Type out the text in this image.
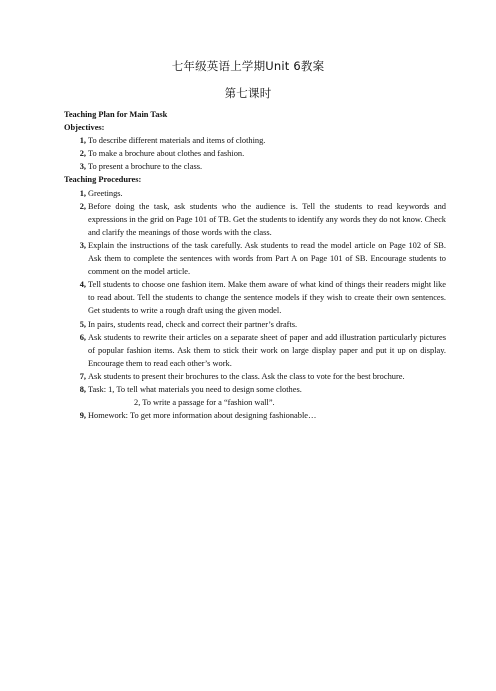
七年级英语上学期Unit 6教案
第七课时
Teaching Plan for Main Task
Objectives:
1, To describe different materials and items of clothing.
2, To make a brochure about clothes and fashion.
3, To present a brochure to the class.
Teaching Procedures:
1, Greetings.
2, Before doing the task, ask students who the audience is. Tell the students to read keywords and expressions in the grid on Page 101 of TB. Get the students to identify any words they do not know. Check and clarify the meanings of those words with the class.
3, Explain the instructions of the task carefully. Ask students to read the model article on Page 102 of SB. Ask them to complete the sentences with words from Part A on Page 101 of SB. Encourage students to comment on the model article.
4, Tell students to choose one fashion item. Make them aware of what kind of things their readers might like to read about. Tell the students to change the sentence models if they wish to create their own sentences. Get students to write a rough draft using the given model.
5, In pairs, students read, check and correct their partner’s drafts.
6, Ask students to rewrite their articles on a separate sheet of paper and add illustration particularly pictures of popular fashion items. Ask them to stick their work on large display paper and put it up on display. Encourage them to read each other’s work.
7, Ask students to present their brochures to the class. Ask the class to vote for the best brochure.
8, Task: 1, To tell what materials you need to design some clothes.
2, To write a passage for a “fashion wall”.
9, Homework: To get more information about designing fashionable…
